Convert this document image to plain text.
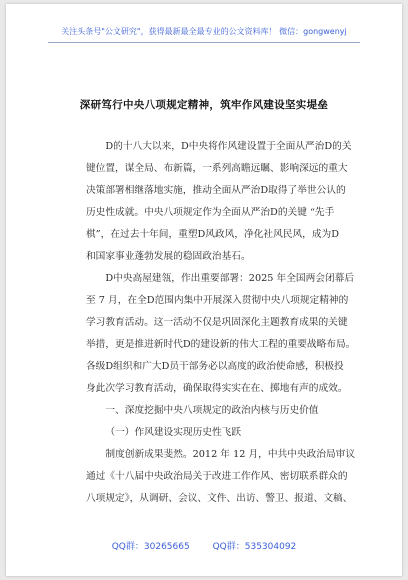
关注头条号"公文研究"，获得最新最全最专业的公文资料库！ 微信：gongwenyj
深研笃行中央八项规定精神，筑牢作风建设坚实堤垒
D的十八大以来，D中央将作风建设置于全面从严治D的关
键位置，谋全局、布新篇，一系列高瞻远瞩、影响深远的重大
决策部署相继落地实施，推动全面从严治D取得了举世公认的
历史性成就。中央八项规定作为全面从严治D的关键 “先手
棋”，在过去十年间，重塑D风政风，净化社风民风，成为D
和国家事业蓬勃发展的稳固政治基石。
D中央高屋建瓴，作出重要部署：2025 年全国两会闭幕后
至 7 月，在全D范围内集中开展深入贯彻中央八项规定精神的
学习教育活动。这一活动不仅是巩固深化主题教育成果的关键
举措，更是推进新时代D的建设新的伟大工程的重要战略布局。
各级D组织和广大D员干部务必以高度的政治使命感，积极投
身此次学习教育活动，确保取得实实在在、掷地有声的成效。
一、深度挖掘中央八项规定的政治内核与历史价值
（一）作风建设实现历史性飞跃
制度创新成果斐然。2012 年 12 月，中共中央政治局审议
通过《十八届中央政治局关于改进工作作风、密切联系群众的
八项规定》，从调研、会议、文件、出访、警卫、报道、文稿、
QQ群：30265665	QQ群：535304092
